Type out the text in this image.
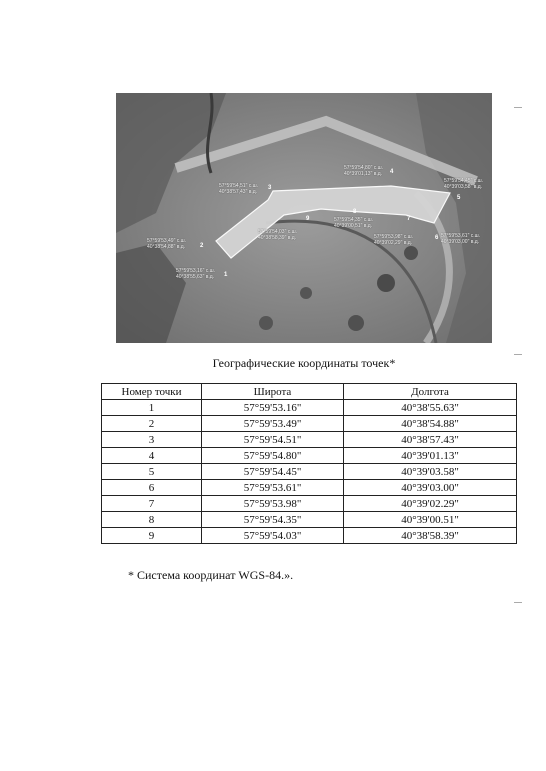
57°59'53,16" с.ш.
40°38'55,63" в.д. 1
57°59'53,49" с.ш.
40°38'54,88" в.д. 2
57°59'54,51" с.ш.
40°38'57,43" в.д.
3
57°59'54,80" с.ш.
40°39'01,13" в.д. 4
57°59'54,45" с.ш.
40°39'03,58" в.д.
5
57°59'53,61" с.ш.
40°39'03,00" в.д.
6
57°59'53,98" с.ш.
40°39'02,29" в.д.
7
57°59'54,35" с.ш.
40°39'00,51" в.д.
8
57°59'54,03" с.ш.
40°38'58,39" в.д.
9
Географические координаты точек*
Номер точки	Широта	Долгота
1	57°59'53.16"	40°38'55.63"
2	57°59'53.49"	40°38'54.88"
3	57°59'54.51"	40°38'57.43"
4	57°59'54.80"	40°39'01.13"
5	57°59'54.45"	40°39'03.58"
6	57°59'53.61"	40°39'03.00"
7	57°59'53.98"	40°39'02.29"
8	57°59'54.35"	40°39'00.51"
9	57°59'54.03"	40°38'58.39"
* Система координат WGS-84.».
